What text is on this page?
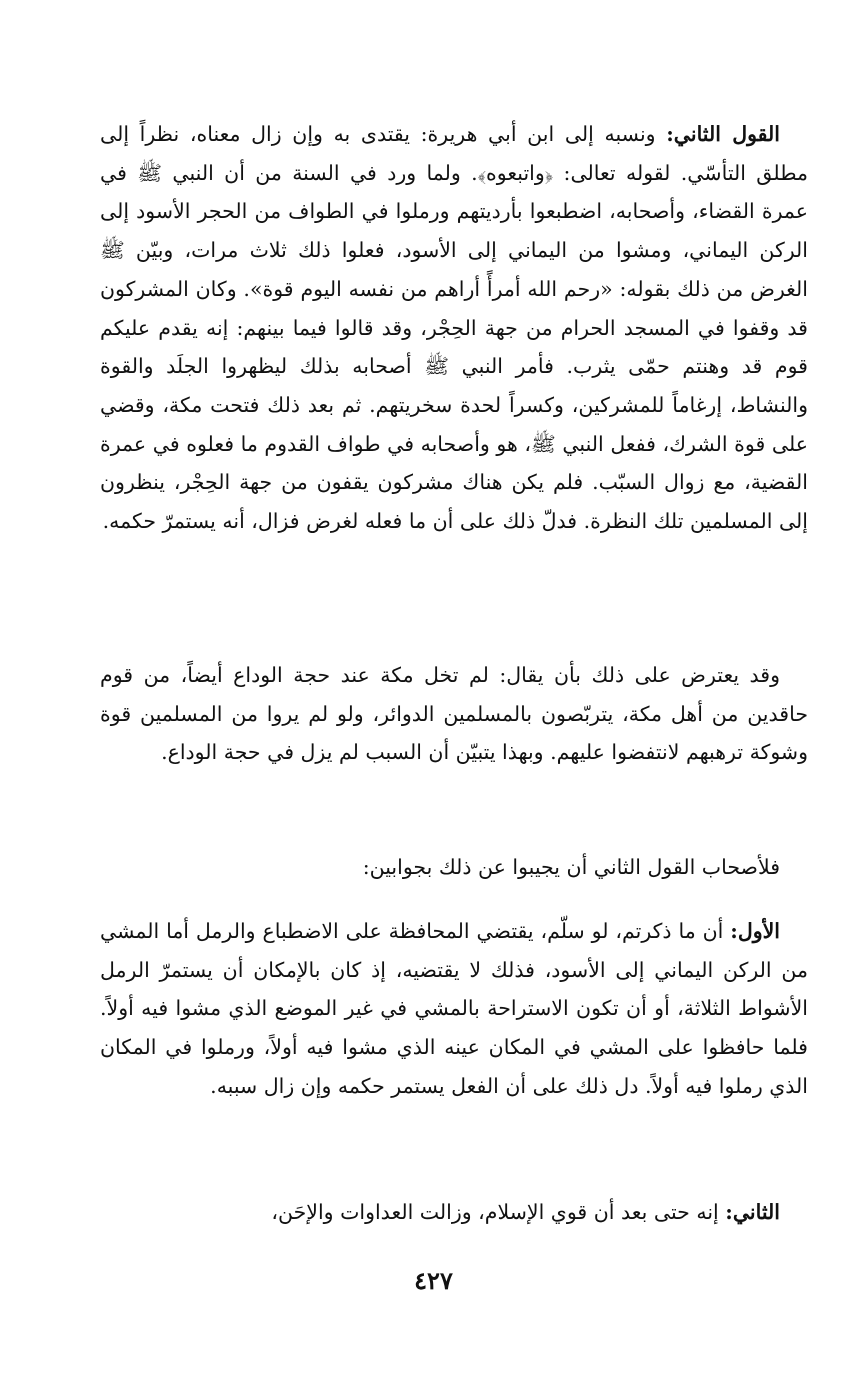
القول الثاني: ونسبه إلى ابن أبي هريرة: يقتدى به وإن زال معناه، نظراً إلى مطلق التأسّي. لقوله تعالى: ﴿واتبعوه﴾. ولما ورد في السنة من أن النبي ﷺ في عمرة القضاء، وأصحابه، اضطبعوا بأرديتهم ورملوا في الطواف من الحجر الأسود إلى الركن اليماني، ومشوا من اليماني إلى الأسود، فعلوا ذلك ثلاث مرات، وبيّن ﷺ الغرض من ذلك بقوله: «رحم الله أمرأً أراهم من نفسه اليوم قوة». وكان المشركون قد وقفوا في المسجد الحرام من جهة الحِجْر، وقد قالوا فيما بينهم: إنه يقدم عليكم قوم قد وهنتم حمّى يثرب. فأمر النبي ﷺ أصحابه بذلك ليظهروا الجلَد والقوة والنشاط، إرغاماً للمشركين، وكسراً لحدة سخريتهم. ثم بعد ذلك فتحت مكة، وقضي على قوة الشرك، ففعل النبي ﷺ، هو وأصحابه في طواف القدوم ما فعلوه في عمرة القضية، مع زوال السبّب. فلم يكن هناك مشركون يقفون من جهة الحِجْر، ينظرون إلى المسلمين تلك النظرة. فدلّ ذلك على أن ما فعله لغرض فزال، أنه يستمرّ حكمه.

وقد يعترض على ذلك بأن يقال: لم تخل مكة عند حجة الوداع أيضاً، من قوم حاقدين من أهل مكة، يتربّصون بالمسلمين الدوائر، ولو لم يروا من المسلمين قوة وشوكة ترهبهم لانتفضوا عليهم. وبهذا يتبيّن أن السبب لم يزل في حجة الوداع.

فلأصحاب القول الثاني أن يجيبوا عن ذلك بجوابين:

الأول: أن ما ذكرتم، لو سلّم، يقتضي المحافظة على الاضطباع والرمل أما المشي من الركن اليماني إلى الأسود، فذلك لا يقتضيه، إذ كان بالإمكان أن يستمرّ الرمل الأشواط الثلاثة، أو أن تكون الاستراحة بالمشي في غير الموضع الذي مشوا فيه أولاً. فلما حافظوا على المشي في المكان عينه الذي مشوا فيه أولاً، ورملوا في المكان الذي رملوا فيه أولاً. دل ذلك على أن الفعل يستمر حكمه وإن زال سببه.

الثاني: إنه حتى بعد أن قوي الإسلام، وزالت العداوات والإحَن،

٤٢٧
